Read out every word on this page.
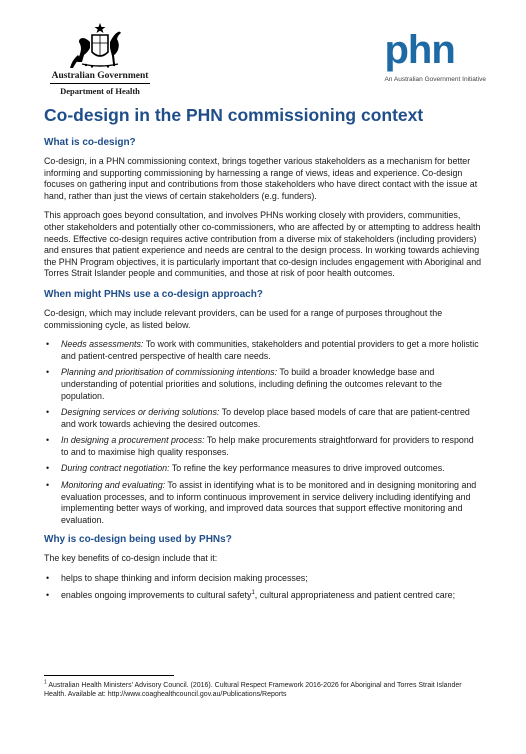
Australian Government
Department of Health
phn
An Australian Government Initiative
Co-design in the PHN commissioning context
What is co-design?

Co-design, in a PHN commissioning context, brings together various stakeholders as a mechanism for better informing and supporting commissioning by harnessing a range of views, ideas and experience. Co-design focuses on gathering input and contributions from those stakeholders who have direct contact with the issue at hand, rather than just the views of certain stakeholders (e.g. funders).

This approach goes beyond consultation, and involves PHNs working closely with providers, communities, other stakeholders and potentially other co-commissioners, who are affected by or attempting to address health needs. Effective co-design requires active contribution from a diverse mix of stakeholders (including providers) and ensures that patient experience and needs are central to the design process. In working towards achieving the PHN Program objectives, it is particularly important that co-design includes engagement with Aboriginal and Torres Strait Islander people and communities, and those at risk of poor health outcomes.

When might PHNs use a co-design approach?

Co-design, which may include relevant providers, can be used for a range of purposes throughout the commissioning cycle, as listed below.

• Needs assessments: To work with communities, stakeholders and potential providers to get a more holistic and patient-centred perspective of health care needs.
• Planning and prioritisation of commissioning intentions: To build a broader knowledge base and understanding of potential priorities and solutions, including defining the outcomes relevant to the population.
• Designing services or deriving solutions: To develop place based models of care that are patient-centred and work towards achieving the desired outcomes.
• In designing a procurement process: To help make procurements straightforward for providers to respond to and to maximise high quality responses.
• During contract negotiation: To refine the key performance measures to drive improved outcomes.
• Monitoring and evaluating: To assist in identifying what is to be monitored and in designing monitoring and evaluation processes, and to inform continuous improvement in service delivery including identifying and implementing better ways of working, and improved data sources that support effective monitoring and evaluation.
Why is co-design being used by PHNs?

The key benefits of co-design include that it:

• helps to shape thinking and inform decision making processes;
• enables ongoing improvements to cultural safety$^1$, cultural appropriateness and patient centred care;
$^1$ Australian Health Ministers' Advisory Council. (2016). Cultural Respect Framework 2016-2026 for Aboriginal and Torres Strait Islander Health. Available at: http://www.coaghealthcouncil.gov.au/Publications/Reports
